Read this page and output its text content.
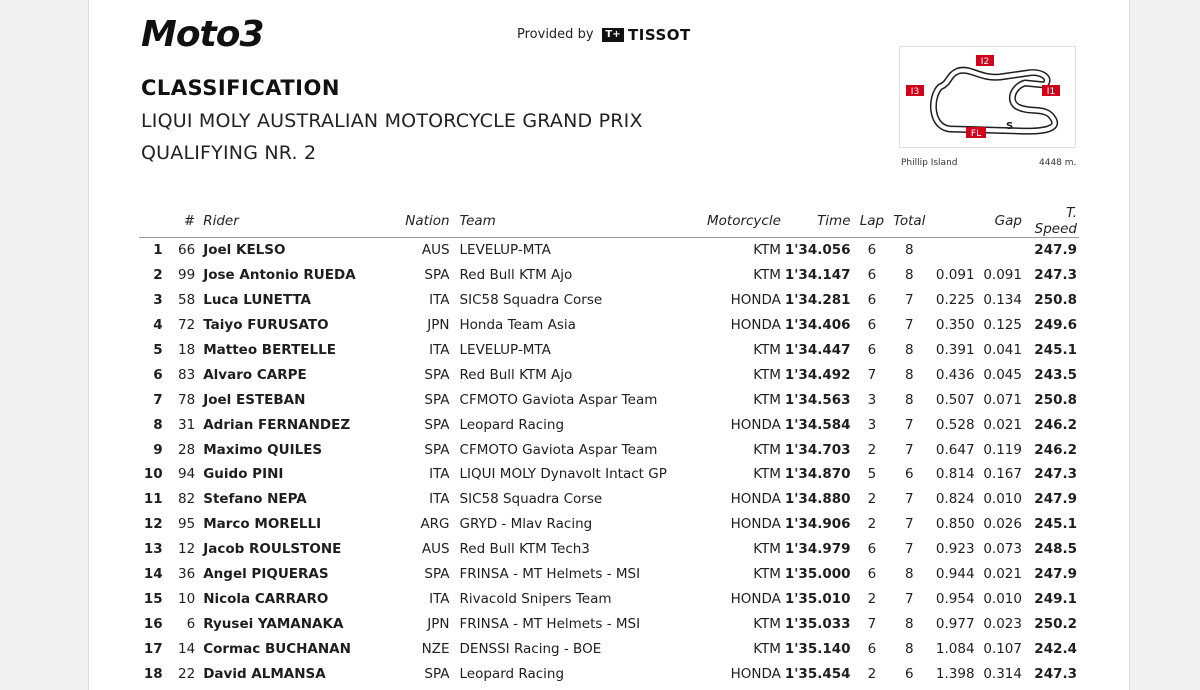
Moto3	Provided by	T+ TISSOT
CLASSIFICATION
LIQUI MOLY AUSTRALIAN MOTORCYCLE GRAND PRIX
QUALIFYING NR. 2
I2
I1
I3
FL
S
Phillip Island	4448 m.
	#	Rider	Nation	Team	Motorcycle	Time	Lap	Total		Gap	T. Speed
1	66	Joel KELSO	AUS	LEVELUP-MTA	KTM	1'34.056	6	8			247.9
2	99	Jose Antonio RUEDA	SPA	Red Bull KTM Ajo	KTM	1'34.147	6	8	0.091	0.091	247.3
3	58	Luca LUNETTA	ITA	SIC58 Squadra Corse	HONDA	1'34.281	6	7	0.225	0.134	250.8
4	72	Taiyo FURUSATO	JPN	Honda Team Asia	HONDA	1'34.406	6	7	0.350	0.125	249.6
5	18	Matteo BERTELLE	ITA	LEVELUP-MTA	KTM	1'34.447	6	8	0.391	0.041	245.1
6	83	Alvaro CARPE	SPA	Red Bull KTM Ajo	KTM	1'34.492	7	8	0.436	0.045	243.5
7	78	Joel ESTEBAN	SPA	CFMOTO Gaviota Aspar Team	KTM	1'34.563	3	8	0.507	0.071	250.8
8	31	Adrian FERNANDEZ	SPA	Leopard Racing	HONDA	1'34.584	3	7	0.528	0.021	246.2
9	28	Maximo QUILES	SPA	CFMOTO Gaviota Aspar Team	KTM	1'34.703	2	7	0.647	0.119	246.2
10	94	Guido PINI	ITA	LIQUI MOLY Dynavolt Intact GP	KTM	1'34.870	5	6	0.814	0.167	247.3
11	82	Stefano NEPA	ITA	SIC58 Squadra Corse	HONDA	1'34.880	2	7	0.824	0.010	247.9
12	95	Marco MORELLI	ARG	GRYD - Mlav Racing	HONDA	1'34.906	2	7	0.850	0.026	245.1
13	12	Jacob ROULSTONE	AUS	Red Bull KTM Tech3	KTM	1'34.979	6	7	0.923	0.073	248.5
14	36	Angel PIQUERAS	SPA	FRINSA - MT Helmets - MSI	KTM	1'35.000	6	8	0.944	0.021	247.9
15	10	Nicola CARRARO	ITA	Rivacold Snipers Team	HONDA	1'35.010	2	7	0.954	0.010	249.1
16	6	Ryusei YAMANAKA	JPN	FRINSA - MT Helmets - MSI	KTM	1'35.033	7	8	0.977	0.023	250.2
17	14	Cormac BUCHANAN	NZE	DENSSI Racing - BOE	KTM	1'35.140	6	8	1.084	0.107	242.4
18	22	David ALMANSA	SPA	Leopard Racing	HONDA	1'35.454	2	6	1.398	0.314	247.3
